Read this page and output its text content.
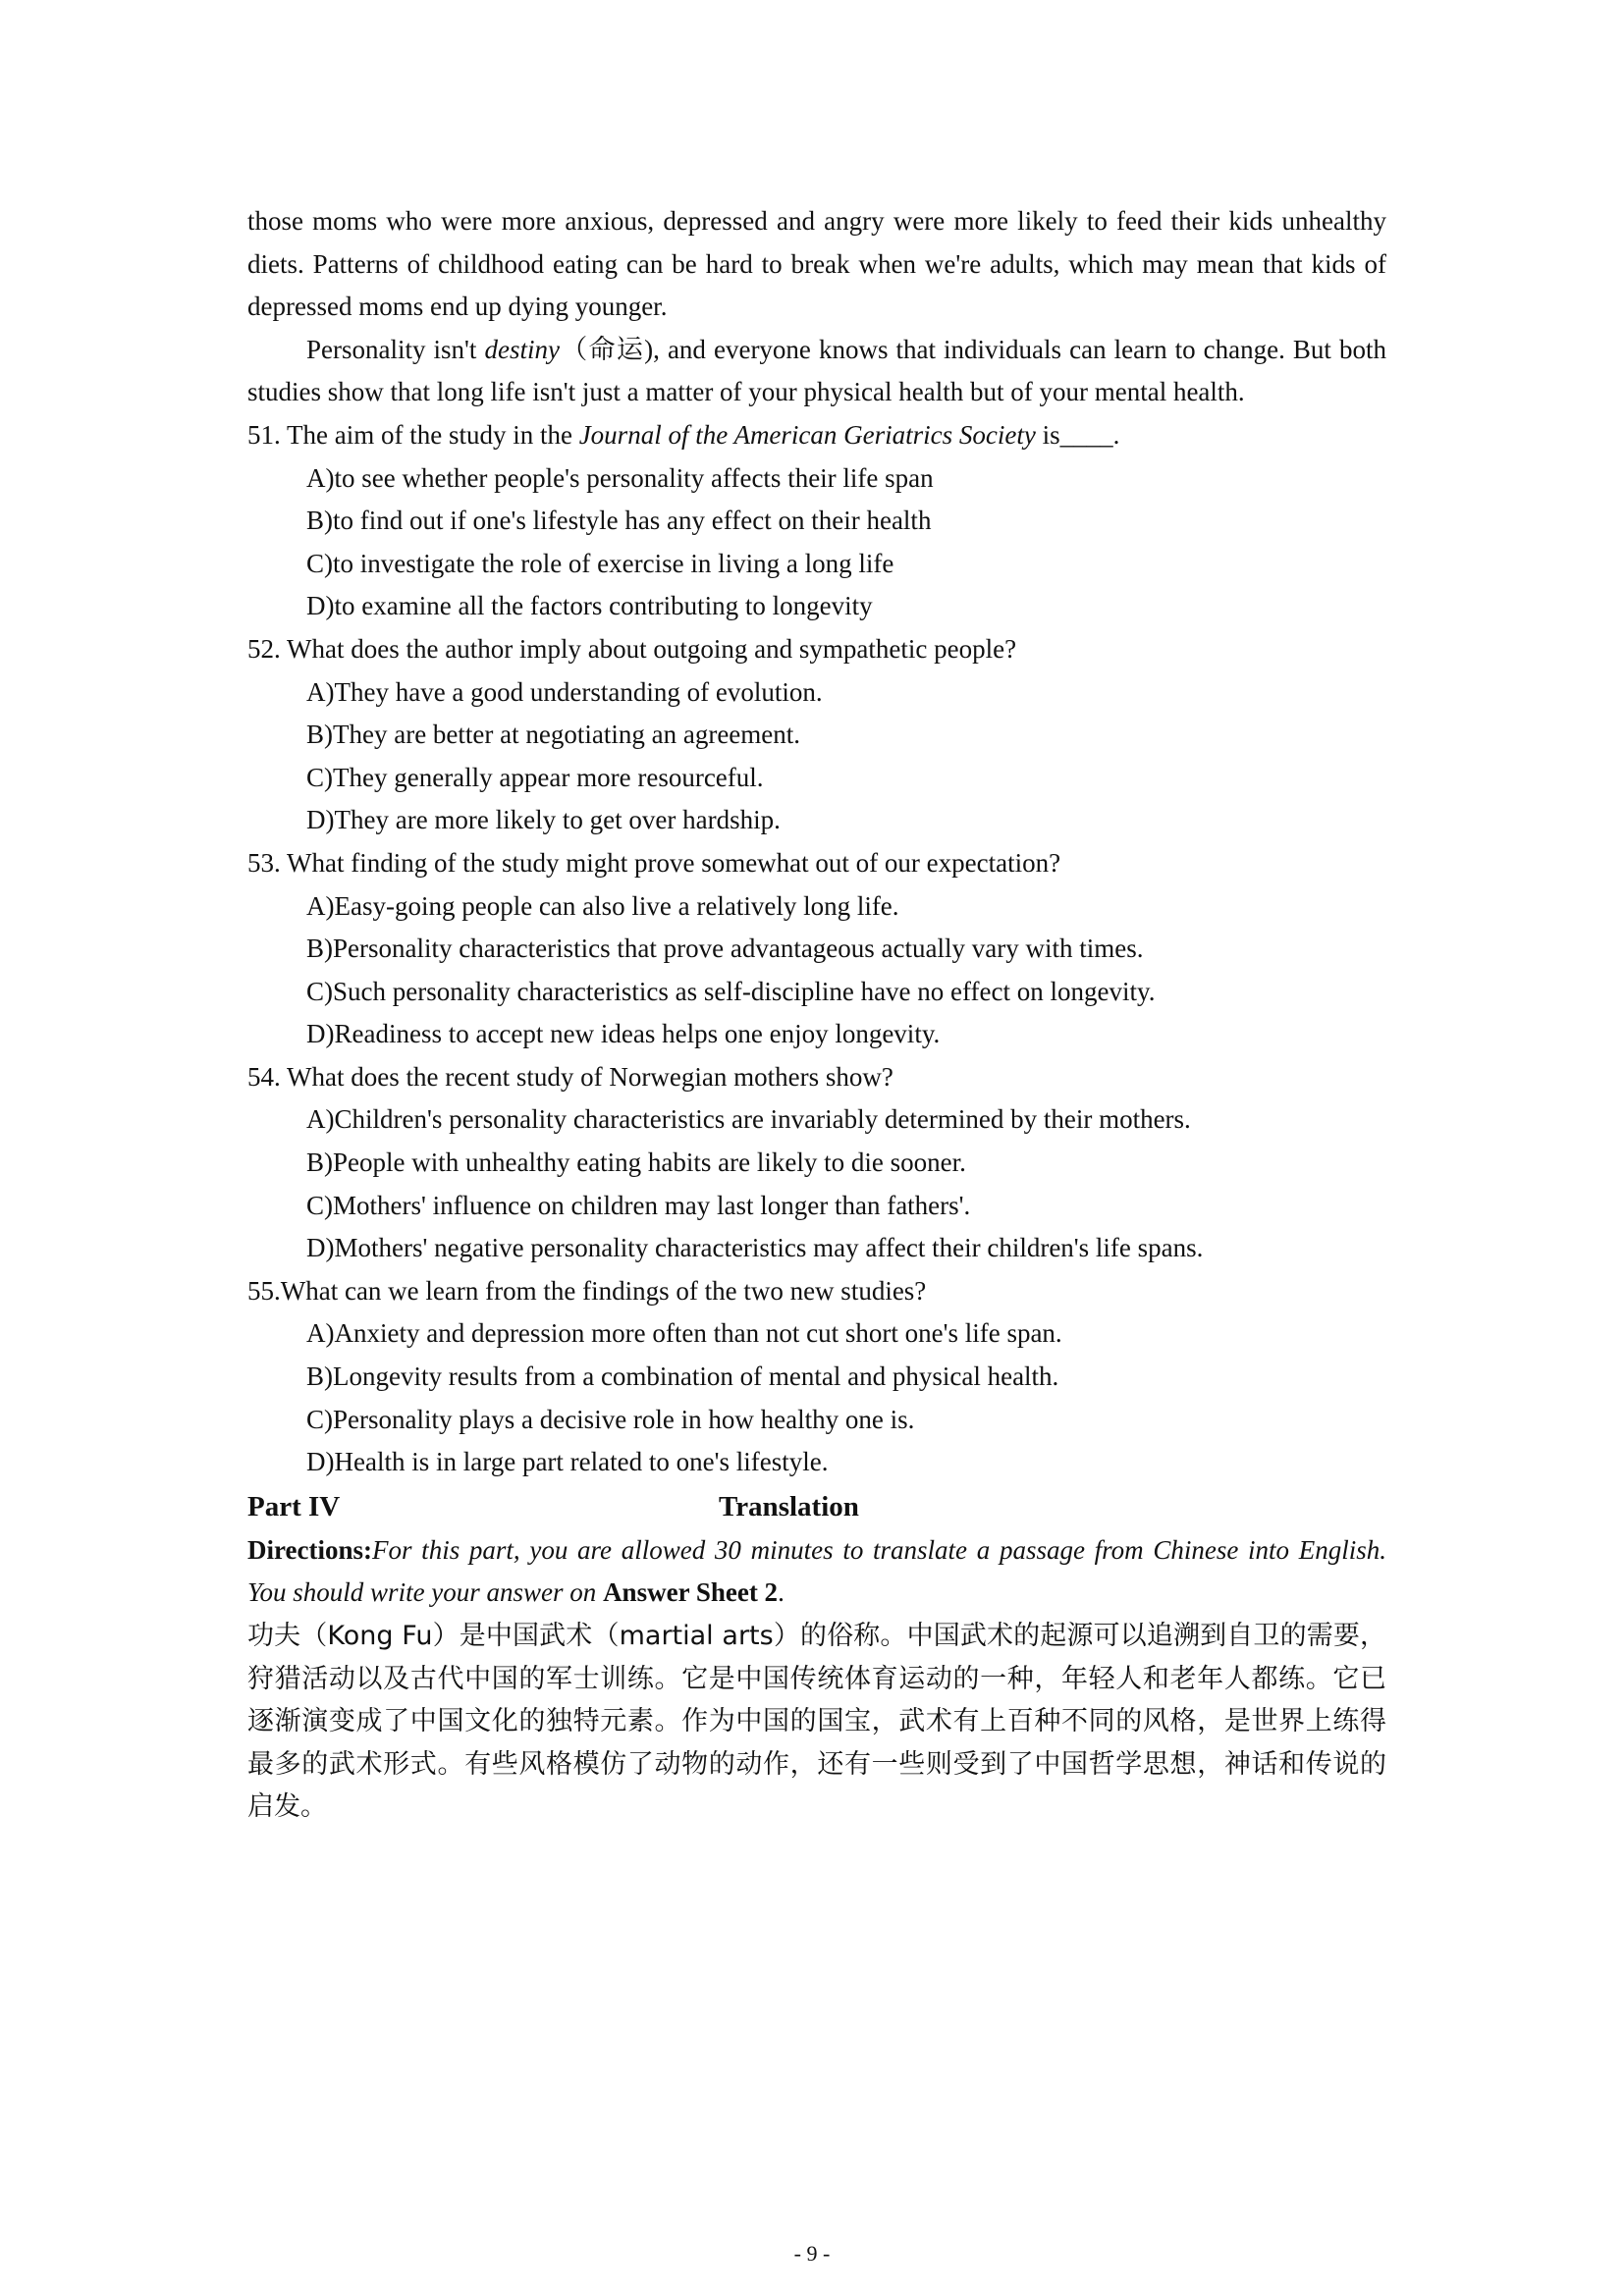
those moms who were more anxious, depressed and angry were more likely to feed their kids unhealthy diets. Patterns of childhood eating can be hard to break when we're adults, which may mean that kids of depressed moms end up dying younger.

Personality isn't destiny（命运), and everyone knows that individuals can learn to change. But both studies show that long life isn't just a matter of your physical health but of your mental health.

51. The aim of the study in the Journal of the American Geriatrics Society is____.

A)to see whether people's personality affects their life span

B)to find out if one's lifestyle has any effect on their health

C)to investigate the role of exercise in living a long life

D)to examine all the factors contributing to longevity

52. What does the author imply about outgoing and sympathetic people?

A)They have a good understanding of evolution.

B)They are better at negotiating an agreement.

C)They generally appear more resourceful.

D)They are more likely to get over hardship.

53. What finding of the study might prove somewhat out of our expectation?

A)Easy-going people can also live a relatively long life.

B)Personality characteristics that prove advantageous actually vary with times.

C)Such personality characteristics as self-discipline have no effect on longevity.

D)Readiness to accept new ideas helps one enjoy longevity.

54. What does the recent study of Norwegian mothers show?

A)Children's personality characteristics are invariably determined by their mothers.

B)People with unhealthy eating habits are likely to die sooner.

C)Mothers' influence on children may last longer than fathers'.

D)Mothers' negative personality characteristics may affect their children's life spans.

55.What can we learn from the findings of the two new studies?

A)Anxiety and depression more often than not cut short one's life span.

B)Longevity results from a combination of mental and physical health.

C)Personality plays a decisive role in how healthy one is.

D)Health is in large part related to one's lifestyle.

Part IV	Translation

Directions:For this part, you are allowed 30 minutes to translate a passage from Chinese into English. You should write your answer on Answer Sheet 2.

功夫（Kong Fu）是中国武术（martial arts）的俗称。中国武术的起源可以追溯到自卫的需要，狩猎活动以及古代中国的军士训练。它是中国传统体育运动的一种，年轻人和老年人都练。它已逐渐演变成了中国文化的独特元素。作为中国的国宝，武术有上百种不同的风格，是世界上练得最多的武术形式。有些风格模仿了动物的动作，还有一些则受到了中国哲学思想，神话和传说的启发。

- 9 -
